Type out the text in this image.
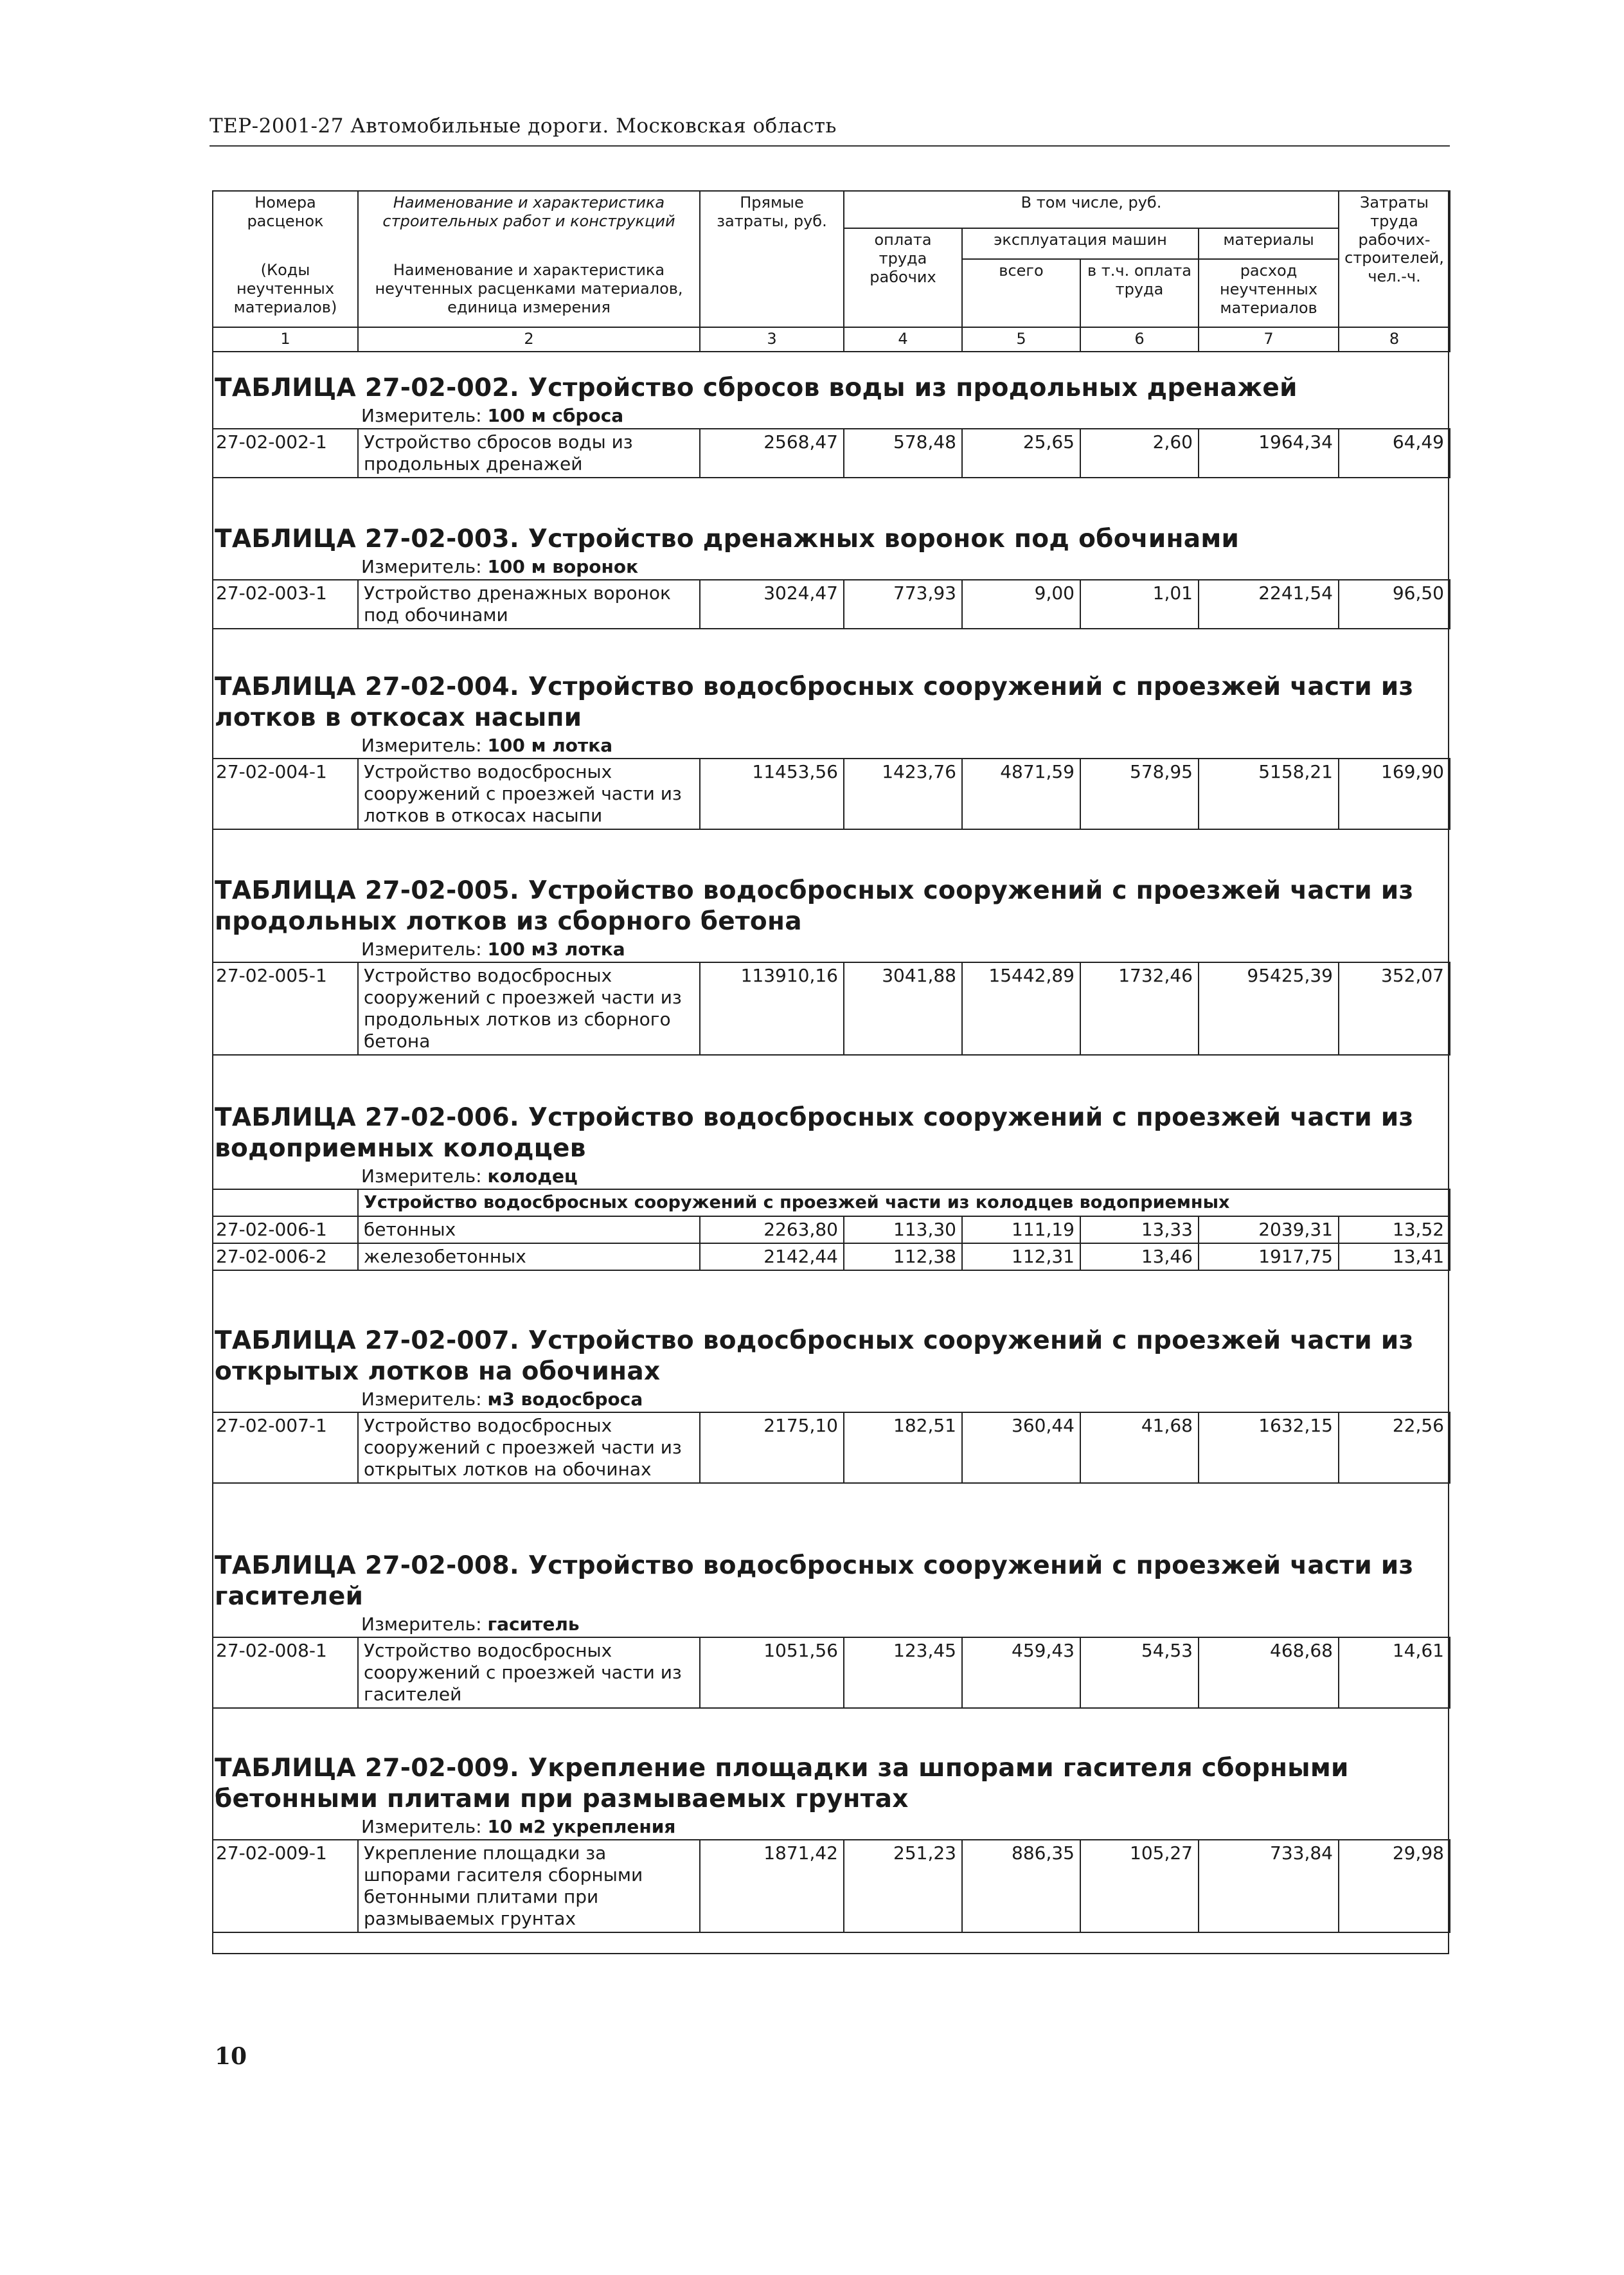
ТЕР-2001-27 Автомобильные дороги. Московская область
Номера расценок	Наименование и характеристика строительных работ и конструкций	Прямые затраты, руб.	В том числе, руб.				Затраты труда рабочих-строителей, чел.-ч.
			оплата труда рабочих	эксплуатация машин		материалы	
(Коды неучтенных материалов)	Наименование и характеристика неучтенных расценками материалов, единица измерения			всего	в т.ч. оплата труда	расход неучтенных материалов	

1	2	3	4	5	6	7	8
ТАБЛИЦА 27-02-002. Устройство сбросов воды из продольных дренажей
Измеритель: 100 м сброса
27-02-002-1	Устройство сбросов воды из продольных дренажей	2568,47	578,48	25,65	2,60	1964,34	64,49
ТАБЛИЦА 27-02-003. Устройство дренажных воронок под обочинами
Измеритель: 100 м воронок
27-02-003-1	Устройство дренажных воронок под обочинами	3024,47	773,93	9,00	1,01	2241,54	96,50
ТАБЛИЦА 27-02-004. Устройство водосбросных сооружений с проезжей части из лотков в откосах насыпи
Измеритель: 100 м лотка
27-02-004-1	Устройство водосбросных сооружений с проезжей части из лотков в откосах насыпи	11453,56	1423,76	4871,59	578,95	5158,21	169,90
ТАБЛИЦА 27-02-005. Устройство водосбросных сооружений с проезжей части из продольных лотков из сборного бетона
Измеритель: 100 м3 лотка
27-02-005-1	Устройство водосбросных сооружений с проезжей части из продольных лотков из сборного бетона	113910,16	3041,88	15442,89	1732,46	95425,39	352,07
ТАБЛИЦА 27-02-006. Устройство водосбросных сооружений с проезжей части из водоприемных колодцев
Измеритель: колодец
	Устройство водосбросных сооружений с проезжей части из колодцев водоприемных						
27-02-006-1	бетонных	2263,80	113,30	111,19	13,33	2039,31	13,52
27-02-006-2	железобетонных	2142,44	112,38	112,31	13,46	1917,75	13,41
ТАБЛИЦА 27-02-007. Устройство водосбросных сооружений с проезжей части из открытых лотков на обочинах
Измеритель: м3 водосброса
27-02-007-1	Устройство водосбросных сооружений с проезжей части из открытых лотков на обочинах	2175,10	182,51	360,44	41,68	1632,15	22,56
ТАБЛИЦА 27-02-008. Устройство водосбросных сооружений с проезжей части из гасителей
Измеритель: гаситель
27-02-008-1	Устройство водосбросных сооружений с проезжей части из гасителей	1051,56	123,45	459,43	54,53	468,68	14,61
ТАБЛИЦА 27-02-009. Укрепление площадки за шпорами гасителя сборными бетонными плитами при размываемых грунтах
Измеритель: 10 м2 укрепления
27-02-009-1	Укрепление площадки за шпорами гасителя сборными бетонными плитами при размываемых грунтах	1871,42	251,23	886,35	105,27	733,84	29,98
10
